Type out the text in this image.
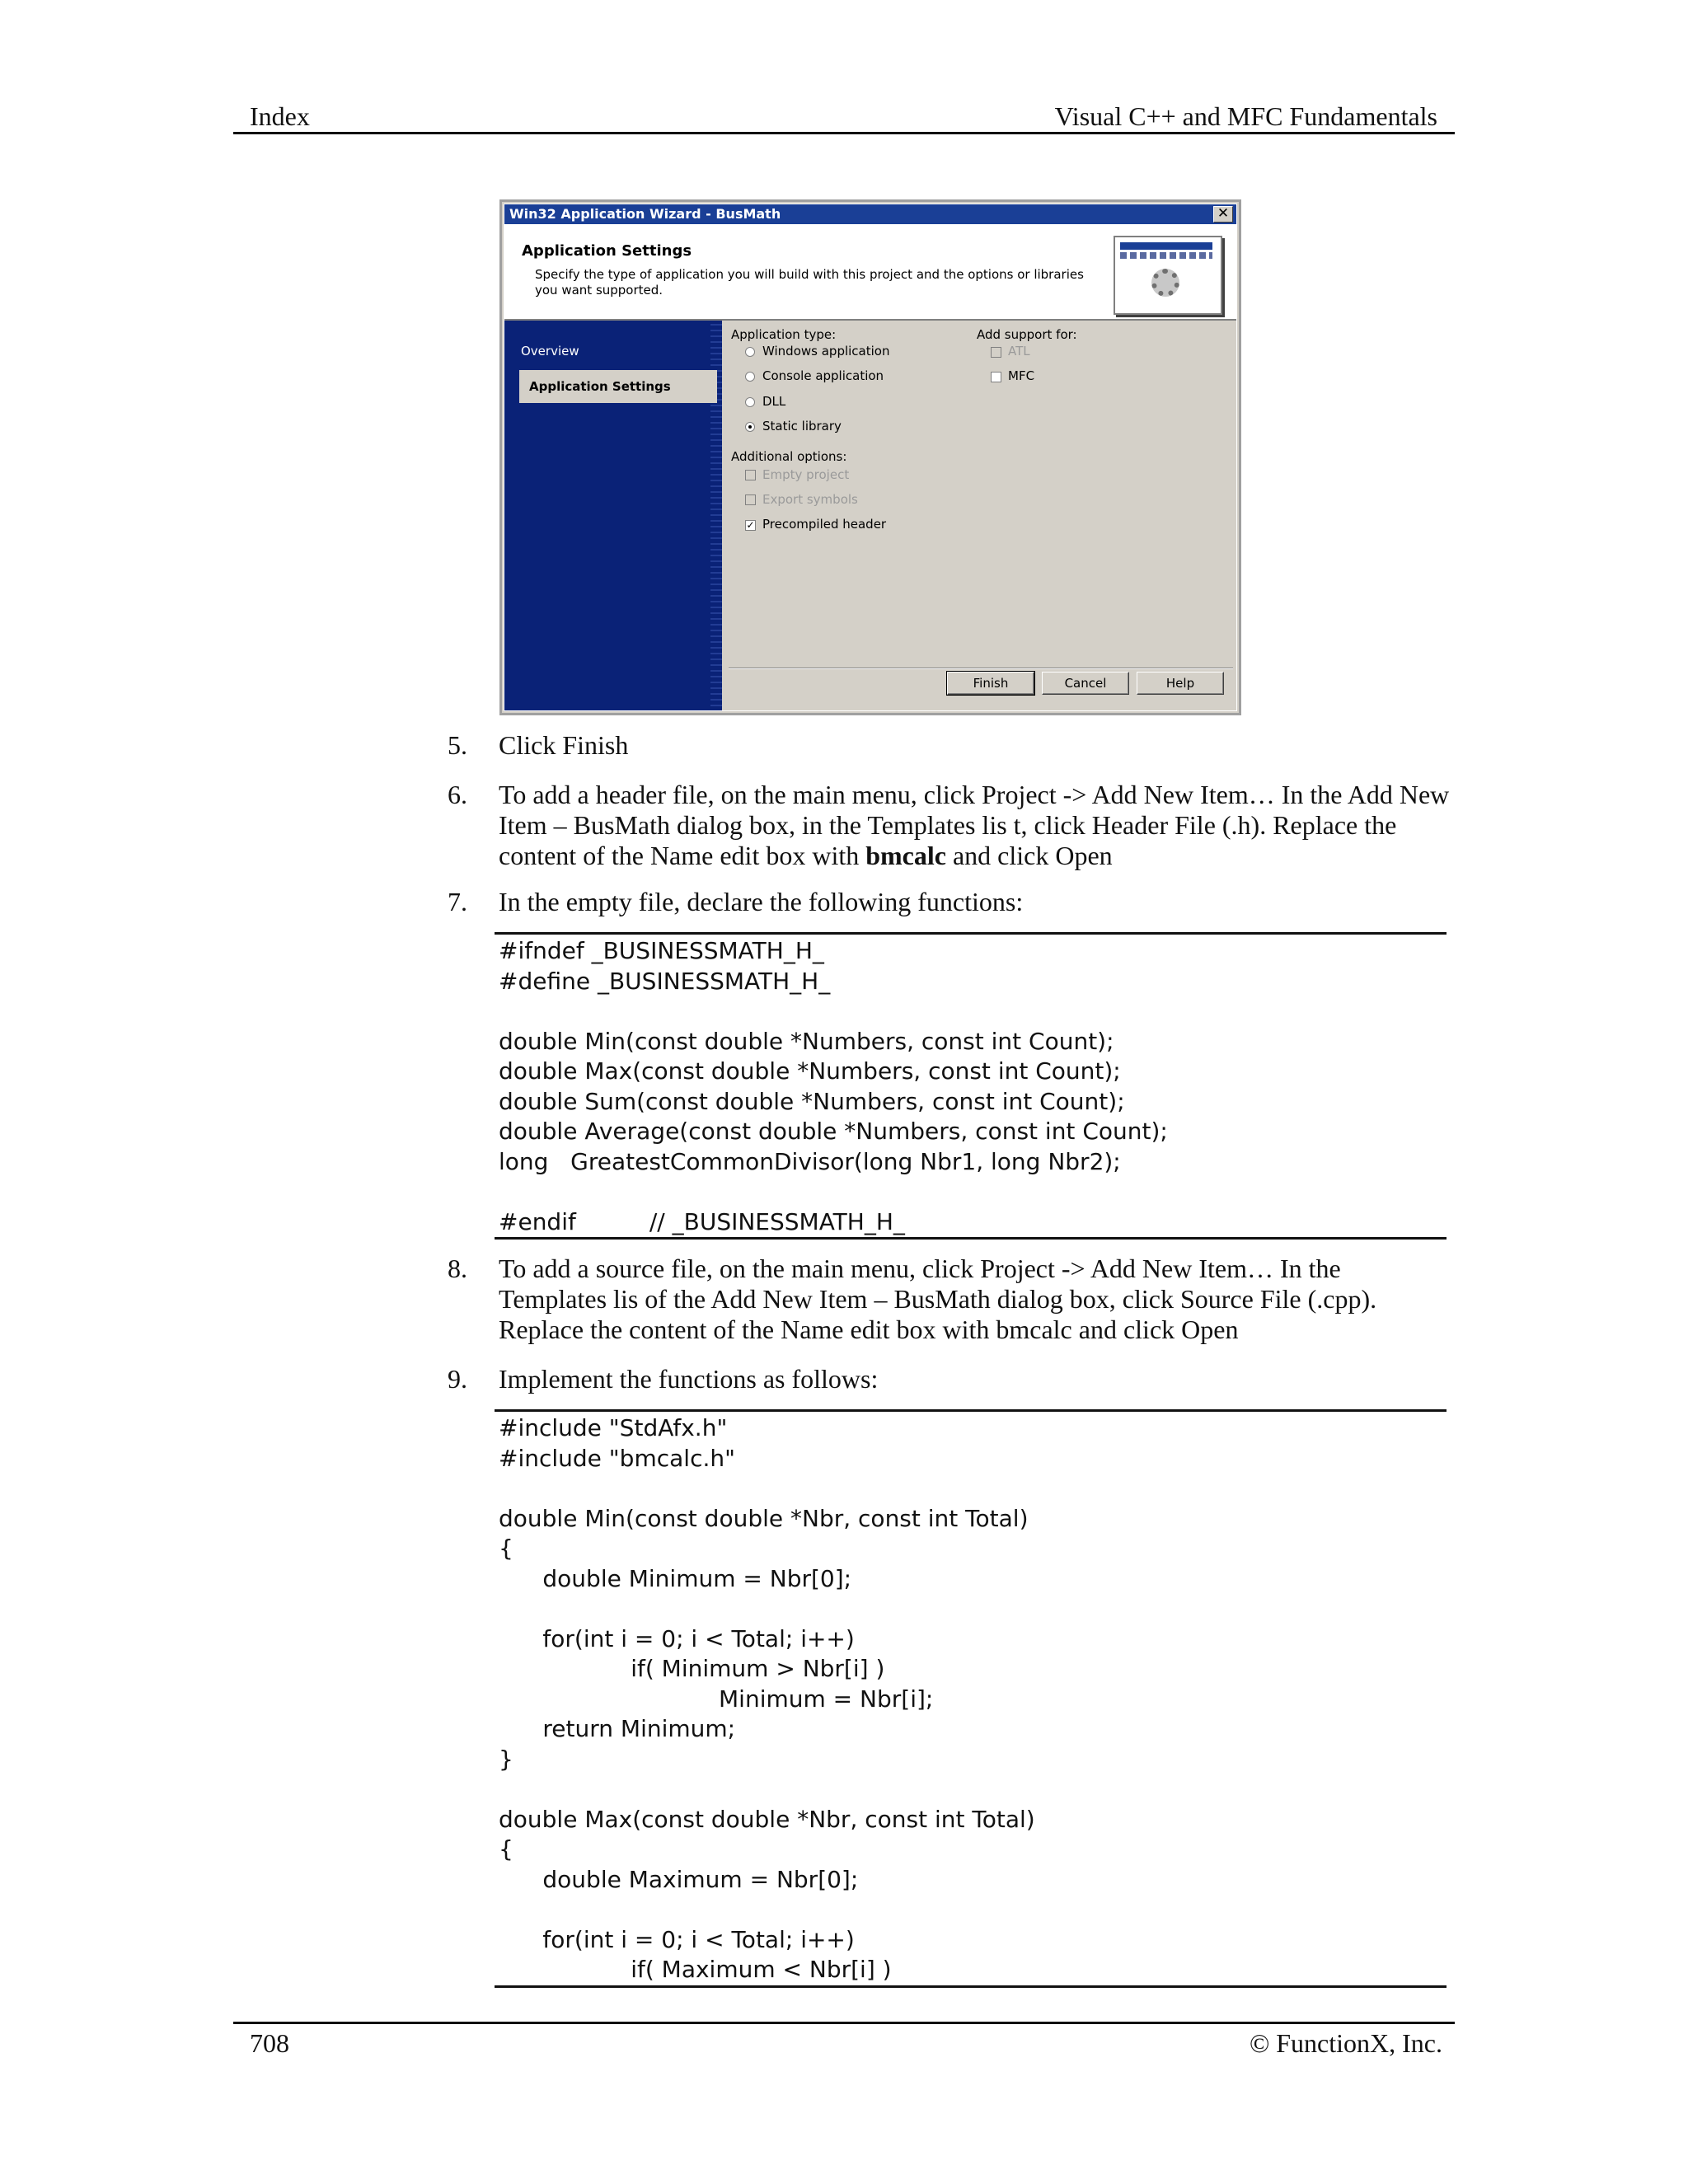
Index	Visual C++ and MFC Fundamentals
Win32 Application Wizard - BusMath	✕
Application Settings
Specify the type of application you will build with this project and the options or libraries you want supported.
Overview
Application Settings
Application type:
Windows application
Console application
DLL
Static library
Additional options:
Empty project
Export symbols
✓ Precompiled header
Add support for:
ATL
MFC
Finish	Cancel	Help
5. Click Finish
6. To add a header file, on the main menu, click Project -> Add New Item… In the Add New Item – BusMath dialog box, in the Templates lis t, click Header File (.h). Replace the content of the Name edit box with bmcalc and click Open
7. In the empty file, declare the following functions:
#ifndef _BUSINESSMATH_H_
#define _BUSINESSMATH_H_

double Min(const double *Numbers, const int Count);
double Max(const double *Numbers, const int Count);
double Sum(const double *Numbers, const int Count);
double Average(const double *Numbers, const int Count);
long   GreatestCommonDivisor(long Nbr1, long Nbr2);

#endif          // _BUSINESSMATH_H_
8. To add a source file, on the main menu, click Project -> Add New Item… In the Templates lis of the Add New Item – BusMath dialog box, click Source File (.cpp). Replace the content of the Name edit box with bmcalc and click Open
9. Implement the functions as follows:
#include "StdAfx.h"
#include "bmcalc.h"

double Min(const double *Nbr, const int Total)
{
double Minimum = Nbr[0];

for(int i = 0; i < Total; i++)
if( Minimum > Nbr[i] )
Minimum = Nbr[i];
return Minimum;
}

double Max(const double *Nbr, const int Total)
{
double Maximum = Nbr[0];

for(int i = 0; i < Total; i++)
if( Maximum < Nbr[i] )
708	© FunctionX, Inc.
